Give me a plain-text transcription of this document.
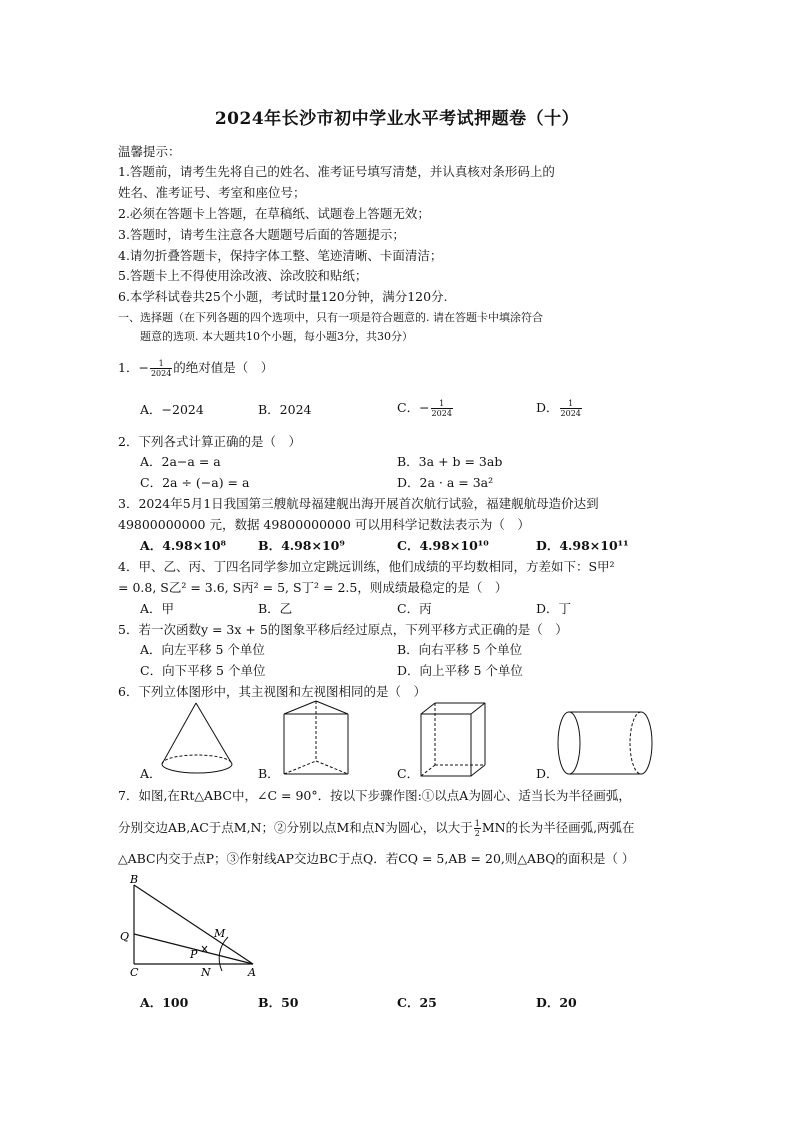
2024年长沙市初中学业水平考试押题卷（十）
温馨提示：
1.答题前，请考生先将自己的姓名、准考证号填写清楚，并认真核对条形码上的
姓名、准考证号、考室和座位号；
2.必须在答题卡上答题，在草稿纸、试题卷上答题无效；
3.答题时，请考生注意各大题题号后面的答题提示；
4.请勿折叠答题卡，保持字体工整、笔迹清晰、卡面清洁；
5.答题卡上不得使用涂改液、涂改胶和贴纸；
6.本学科试卷共25个小题，考试时量120分钟，满分120分.
一、选择题（在下列各题的四个选项中，只有一项是符合题意的. 请在答题卡中填涂符合
题意的选项. 本大题共10个小题，每小题3分，共30分）
1．− $\frac{1}{2024}$ 的绝对值是（　）
A．−2024	B．2024	C．− $\frac{1}{2024}$	D． $\frac{1}{2024}$
2．下列各式计算正确的是（　）
A．2a−a = a	B．3a + b = 3ab
C．2a ÷ (−a) = a	D．2a · a = 3a²
3．2024年5月1日我国第三艘航母福建舰出海开展首次航行试验，福建舰航母造价达到
49800000000 元，数据 49800000000 可以用科学记数法表示为（　）
A．4.98×10⁸	B．4.98×10⁹	C．4.98×10¹⁰	D．4.98×10¹¹
4．甲、乙、丙、丁四名同学参加立定跳远训练，他们成绩的平均数相同，方差如下：S甲²
= 0.8, S乙² = 3.6, S丙² = 5, S丁² = 2.5，则成绩最稳定的是（　）
A．甲	B．乙	C．丙	D．丁
5．若一次函数y = 3x + 5的图象平移后经过原点，下列平移方式正确的是（　）
A．向左平移 5 个单位	B．向右平移 5 个单位
C．向下平移 5 个单位	D．向上平移 5 个单位
6．下列立体图形中，其主视图和左视图相同的是（　）
A．	B．	C．	D．
7．如图,在Rt△ABC中，∠C = 90°．按以下步骤作图:①以点A为圆心、适当长为半径画弧，
分别交边AB,AC于点M,N；②分别以点M和点N为圆心，以大于 $\frac{1}{2}$ MN的长为半径画弧,两弧在
△ABC内交于点P；③作射线AP交边BC于点Q．若CQ = 5,AB = 20,则△ABQ的面积是（ ）
B
Q	M
P
C	N	A
A．100	B．50	C．25	D．20
